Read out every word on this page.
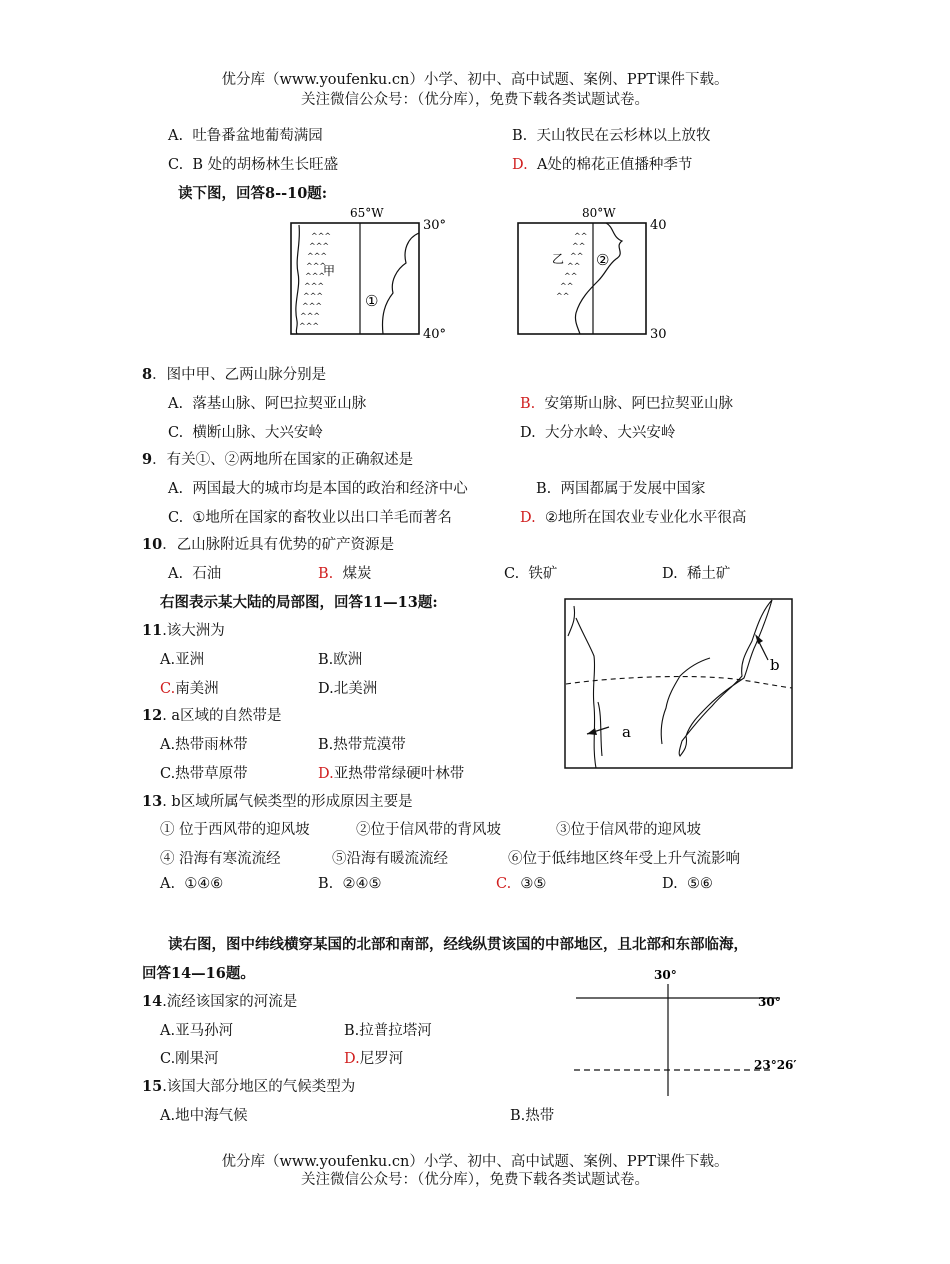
优分库（www.youfenku.cn）小学、初中、高中试题、案例、PPT课件下载。
关注微信公众号：（优分库），免费下载各类试题试卷。
A. 吐鲁番盆地葡萄满园	B. 天山牧民在云杉林以上放牧
C. B 处的胡杨林生长旺盛	D. A处的棉花正值播种季节
读下图，回答8--10题:
65°W
30°
40°
^^^
^^^
^^^
^^^
^^^
^^^
^^^
^^^
^^^
^^^
甲
①
80°W
40
30
^^
^^
^^
^^
^^
^^
^^
乙 ②
8．图中甲、乙两山脉分别是
A. 落基山脉、阿巴拉契亚山脉	B. 安第斯山脉、阿巴拉契亚山脉
C. 横断山脉、大兴安岭	D. 大分水岭、大兴安岭
9．有关①、②两地所在国家的正确叙述是
A. 两国最大的城市均是本国的政治和经济中心	B. 两国都属于发展中国家
C. ①地所在国家的畜牧业以出口羊毛而著名	D. ②地所在国农业专业化水平很高
10．乙山脉附近具有优势的矿产资源是
A. 石油	B. 煤炭	C. 铁矿	D. 稀土矿
右图表示某大陆的局部图，回答11—13题:
a
b
11.该大洲为
A.亚洲	B.欧洲
C.南美洲	D.北美洲
12. a区域的自然带是
A.热带雨林带	B.热带荒漠带
C.热带草原带	D.亚热带常绿硬叶林带
13. b区域所属气候类型的形成原因主要是
① 位于西风带的迎风坡	②位于信风带的背风坡	③位于信风带的迎风坡
④ 沿海有寒流流经	⑤沿海有暖流流经	⑥位于低纬地区终年受上升气流影响
A. ①④⑥	B. ②④⑤	C. ③⑤	D. ⑤⑥
读右图，图中纬线横穿某国的北部和南部，经线纵贯该国的中部地区，且北部和东部临海，
回答14—16题。	30°
30°
23°26′
14.流经该国家的河流是
A.亚马孙河	B.拉普拉塔河
C.刚果河	D.尼罗河
15.该国大部分地区的气候类型为
A.地中海气候	B.热带
优分库（www.youfenku.cn）小学、初中、高中试题、案例、PPT课件下载。
关注微信公众号：（优分库），免费下载各类试题试卷。
